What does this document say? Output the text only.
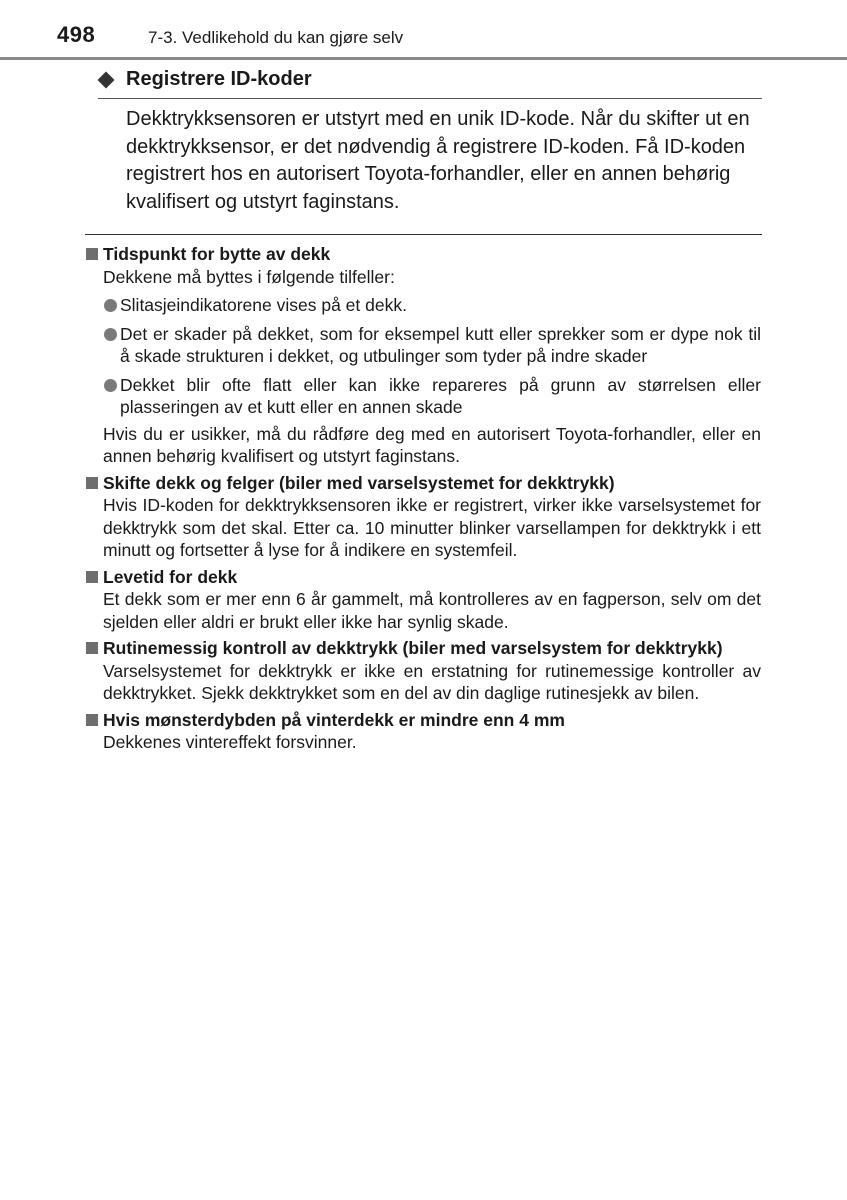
498	7-3. Vedlikehold du kan gjøre selv
Registrere ID-koder

Dekktrykksensoren er utstyrt med en unik ID-kode. Når du skifter ut en dekktrykksensor, er det nødvendig å registrere ID-koden. Få ID-koden registrert hos en autorisert Toyota-forhandler, eller en annen behørig kvalifisert og utstyrt faginstans.

Tidspunkt for bytte av dekk

Dekkene må byttes i følgende tilfeller:

Slitasjeindikatorene vises på et dekk.
Det er skader på dekket, som for eksempel kutt eller sprekker som er dype nok til å skade strukturen i dekket, og utbulinger som tyder på indre skader
Dekket blir ofte flatt eller kan ikke repareres på grunn av størrelsen eller plasseringen av et kutt eller en annen skade

Hvis du er usikker, må du rådføre deg med en autorisert Toyota-forhandler, eller en annen behørig kvalifisert og utstyrt faginstans.

Skifte dekk og felger (biler med varselsystemet for dekktrykk)

Hvis ID-koden for dekktrykksensoren ikke er registrert, virker ikke varselsystemet for dekktrykk som det skal. Etter ca. 10 minutter blinker varsellampen for dekktrykk i ett minutt og fortsetter å lyse for å indikere en systemfeil.

Levetid for dekk

Et dekk som er mer enn 6 år gammelt, må kontrolleres av en fagperson, selv om det sjelden eller aldri er brukt eller ikke har synlig skade.

Rutinemessig kontroll av dekktrykk (biler med varselsystem for dekktrykk)

Varselsystemet for dekktrykk er ikke en erstatning for rutinemessige kontroller av dekktrykket. Sjekk dekktrykket som en del av din daglige rutinesjekk av bilen.

Hvis mønsterdybden på vinterdekk er mindre enn 4 mm

Dekkenes vintereffekt forsvinner.
